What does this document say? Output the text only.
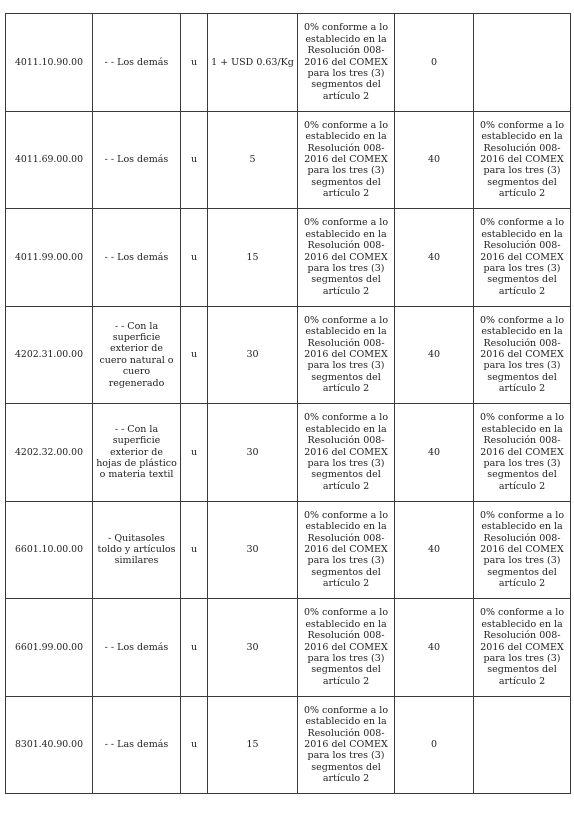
4011.10.90.00	- - Los demás	u	1 + USD 0.63/Kg	0% conforme a lo establecido en la Resolución 008-2016 del COMEX para los tres (3) segmentos del artículo 2	0	
4011.69.00.00	- - Los demás	u	5	0% conforme a lo establecido en la Resolución 008-2016 del COMEX para los tres (3) segmentos del artículo 2	40	0% conforme a lo establecido en la Resolución 008-2016 del COMEX para los tres (3) segmentos del artículo 2
4011.99.00.00	- - Los demás	u	15	0% conforme a lo establecido en la Resolución 008-2016 del COMEX para los tres (3) segmentos del artículo 2	40	0% conforme a lo establecido en la Resolución 008-2016 del COMEX para los tres (3) segmentos del artículo 2
4202.31.00.00	- - Con la superficie exterior de cuero natural o cuero regenerado	u	30	0% conforme a lo establecido en la Resolución 008-2016 del COMEX para los tres (3) segmentos del artículo 2	40	0% conforme a lo establecido en la Resolución 008-2016 del COMEX para los tres (3) segmentos del artículo 2
4202.32.00.00	- - Con la superficie exterior de hojas de plástico o materia textil	u	30	0% conforme a lo establecido en la Resolución 008-2016 del COMEX para los tres (3) segmentos del artículo 2	40	0% conforme a lo establecido en la Resolución 008-2016 del COMEX para los tres (3) segmentos del artículo 2
6601.10.00.00	- Quitasoles toldo y artículos similares	u	30	0% conforme a lo establecido en la Resolución 008-2016 del COMEX para los tres (3) segmentos del artículo 2	40	0% conforme a lo establecido en la Resolución 008-2016 del COMEX para los tres (3) segmentos del artículo 2
6601.99.00.00	- - Los demás	u	30	0% conforme a lo establecido en la Resolución 008-2016 del COMEX para los tres (3) segmentos del artículo 2	40	0% conforme a lo establecido en la Resolución 008-2016 del COMEX para los tres (3) segmentos del artículo 2
8301.40.90.00	- - Las demás	u	15	0% conforme a lo establecido en la Resolución 008-2016 del COMEX para los tres (3) segmentos del artículo 2	0	
